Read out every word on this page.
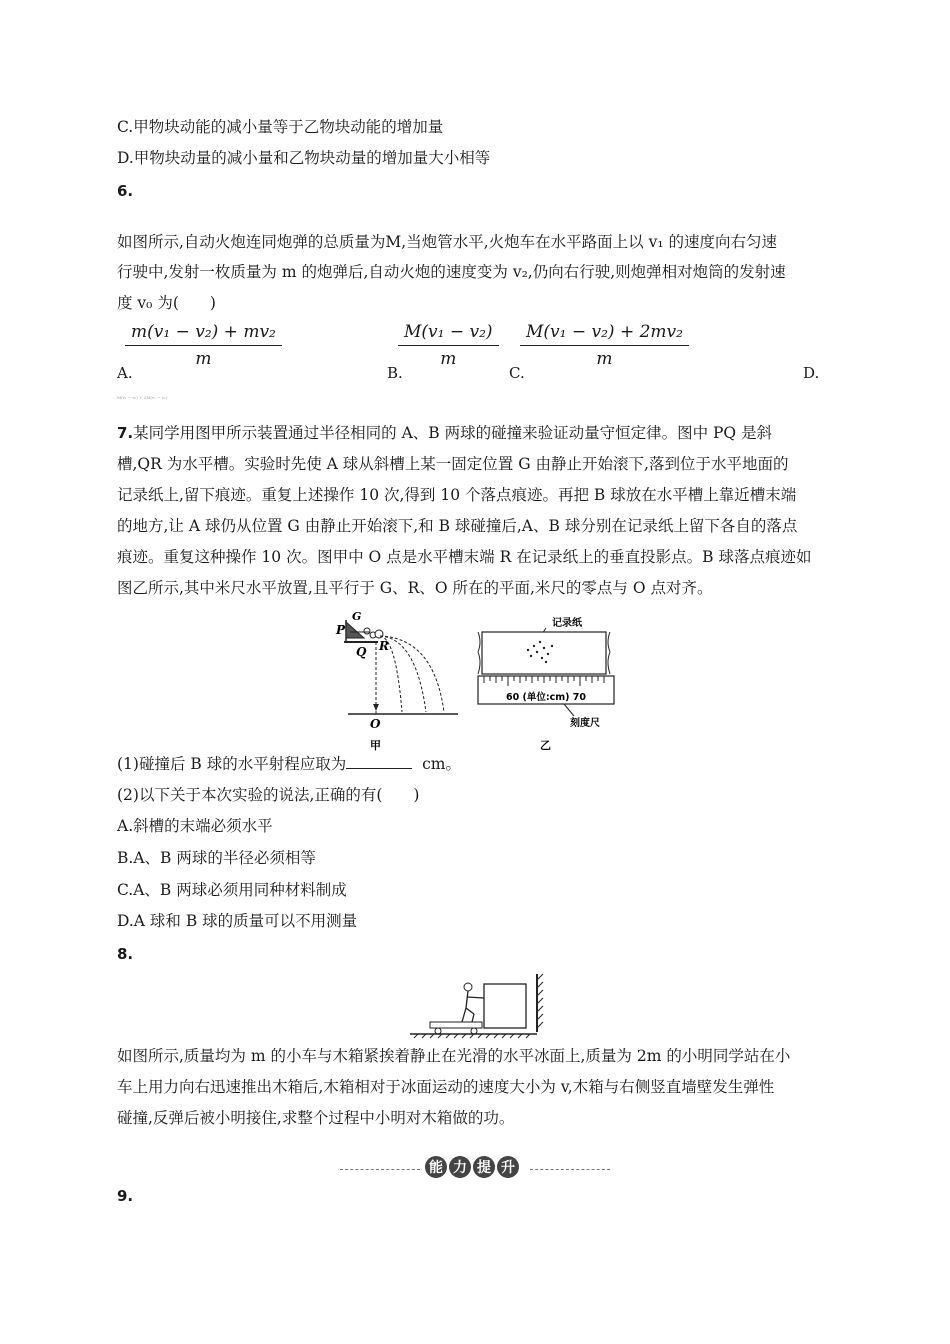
C.甲物块动能的减小量等于乙物块动能的增加量
D.甲物块动量的减小量和乙物块动量的增加量大小相等
6.
如图所示,自动火炮连同炮弹的总质量为M,当炮管水平,火炮车在水平路面上以 v₁ 的速度向右匀速
行驶中,发射一枚质量为 m 的炮弹后,自动火炮的速度变为 v₂,仍向右行驶,则炮弹相对炮筒的发射速
度 v₀ 为(　　)
$\frac{\text{m(v₁ − v₂) + mv₂}}{m}$	$\frac{\text{M(v₁ − v₂)}}{m} \frac{\text{M(v₁ − v₂) + 2mv₂}}{m}$
A.	B.	C.	D.
M(v₁ − v₂) + 2M(v₁ − v₂)
7.某同学用图甲所示装置通过半径相同的 A、B 两球的碰撞来验证动量守恒定律。图中 PQ 是斜
槽,QR 为水平槽。实验时先使 A 球从斜槽上某一固定位置 G 由静止开始滚下,落到位于水平地面的
记录纸上,留下痕迹。重复上述操作 10 次,得到 10 个落点痕迹。再把 B 球放在水平槽上靠近槽末端
的地方,让 A 球仍从位置 G 由静止开始滚下,和 B 球碰撞后,A、B 球分别在记录纸上留下各自的落点
痕迹。重复这种操作 10 次。图甲中 O 点是水平槽末端 R 在记录纸上的垂直投影点。B 球落点痕迹如
图乙所示,其中米尺水平放置,且平行于 G、R、O 所在的平面,米尺的零点与 O 点对齐。
P
G
Q R
O
甲
记录纸
60 (单位:cm) 70
刻度尺
乙
(1)碰撞后 B 球的水平射程应取为	cm。
(2)以下关于本次实验的说法,正确的有(　　)
A.斜槽的末端必须水平
B.A、B 两球的半径必须相等
C.A、B 两球必须用同种材料制成
D.A 球和 B 球的质量可以不用测量
8.
如图所示,质量均为 m 的小车与木箱紧挨着静止在光滑的水平冰面上,质量为 2m 的小明同学站在小
车上用力向右迅速推出木箱后,木箱相对于冰面运动的速度大小为 v,木箱与右侧竖直墙壁发生弹性
碰撞,反弹后被小明接住,求整个过程中小明对木箱做的功。
能 力 提 升
9.
